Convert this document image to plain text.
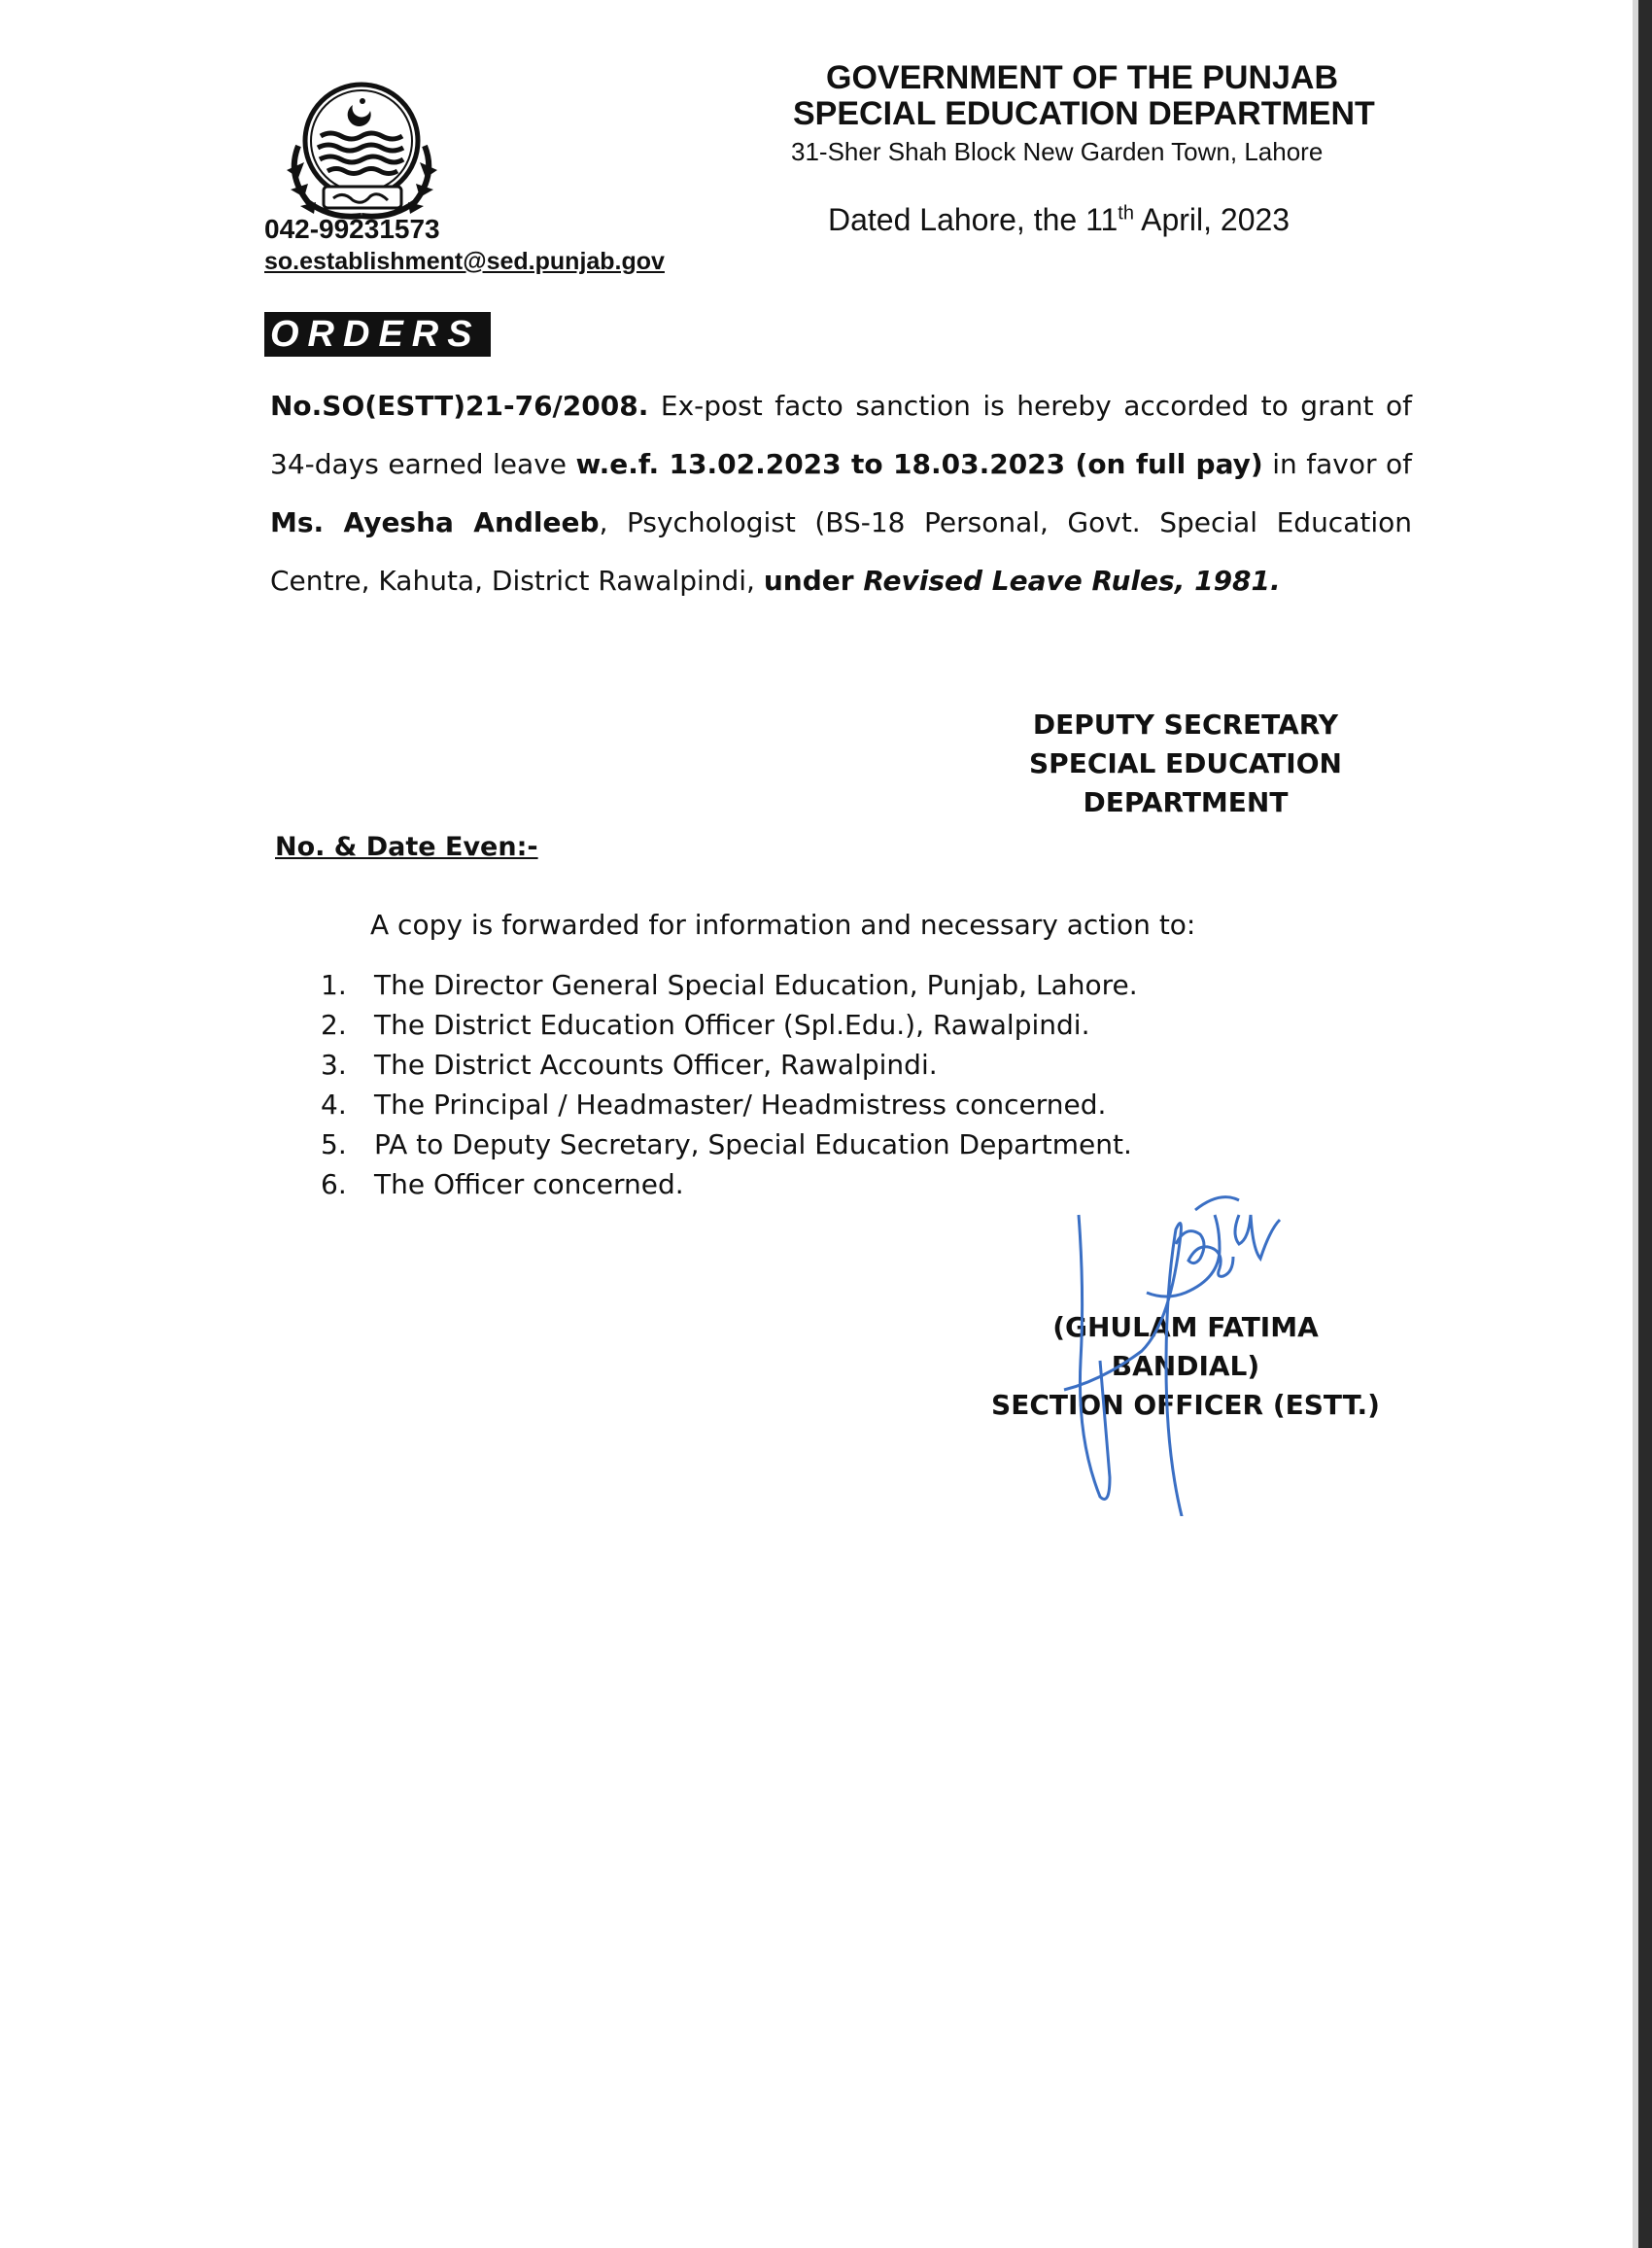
GOVERNMENT OF THE PUNJAB
SPECIAL EDUCATION DEPARTMENT
31-Sher Shah Block New Garden Town, Lahore
Dated Lahore, the 11th April, 2023
042-99231573
so.establishment@sed.punjab.gov
ORDERS
No.SO(ESTT)21-76/2008. Ex-post facto sanction is hereby accorded to grant of 34-days earned leave w.e.f. 13.02.2023 to 18.03.2023 (on full pay) in favor of Ms. Ayesha Andleeb, Psychologist (BS-18 Personal, Govt. Special Education Centre, Kahuta, District Rawalpindi, under Revised Leave Rules, 1981.
DEPUTY SECRETARY
SPECIAL EDUCATION
DEPARTMENT
No. & Date Even:-
A copy is forwarded for information and necessary action to:
1. The Director General Special Education, Punjab, Lahore.
2. The District Education Officer (Spl.Edu.), Rawalpindi.
3. The District Accounts Officer, Rawalpindi.
4. The Principal / Headmaster/ Headmistress concerned.
5. PA to Deputy Secretary, Special Education Department.
6. The Officer concerned.
(GHULAM FATIMA BANDIAL)
SECTION OFFICER (ESTT.)
